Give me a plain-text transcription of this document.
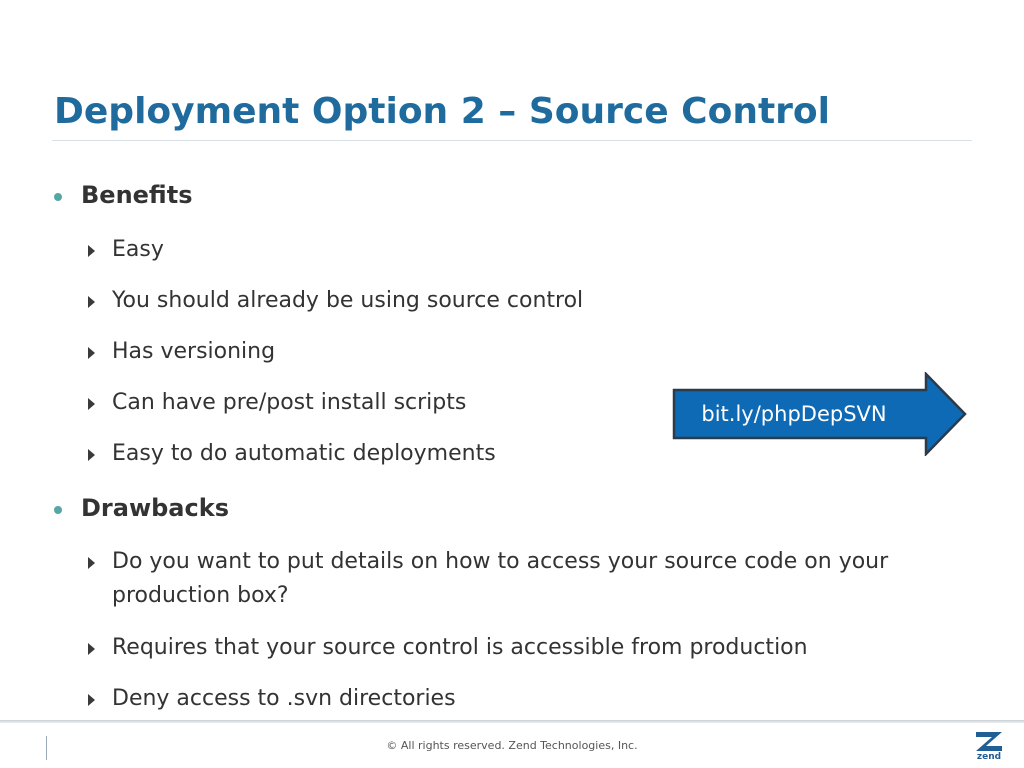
Deployment Option 2 – Source Control
Benefits
Easy
You should already be using source control
Has versioning
Can have pre/post install scripts
Easy to do automatic deployments
Drawbacks
Do you want to put details on how to access your source code on your production box?
Requires that your source control is accessible from production
Deny access to .svn directories
bit.ly/phpDepSVN
© All rights reserved. Zend Technologies, Inc.
zend
